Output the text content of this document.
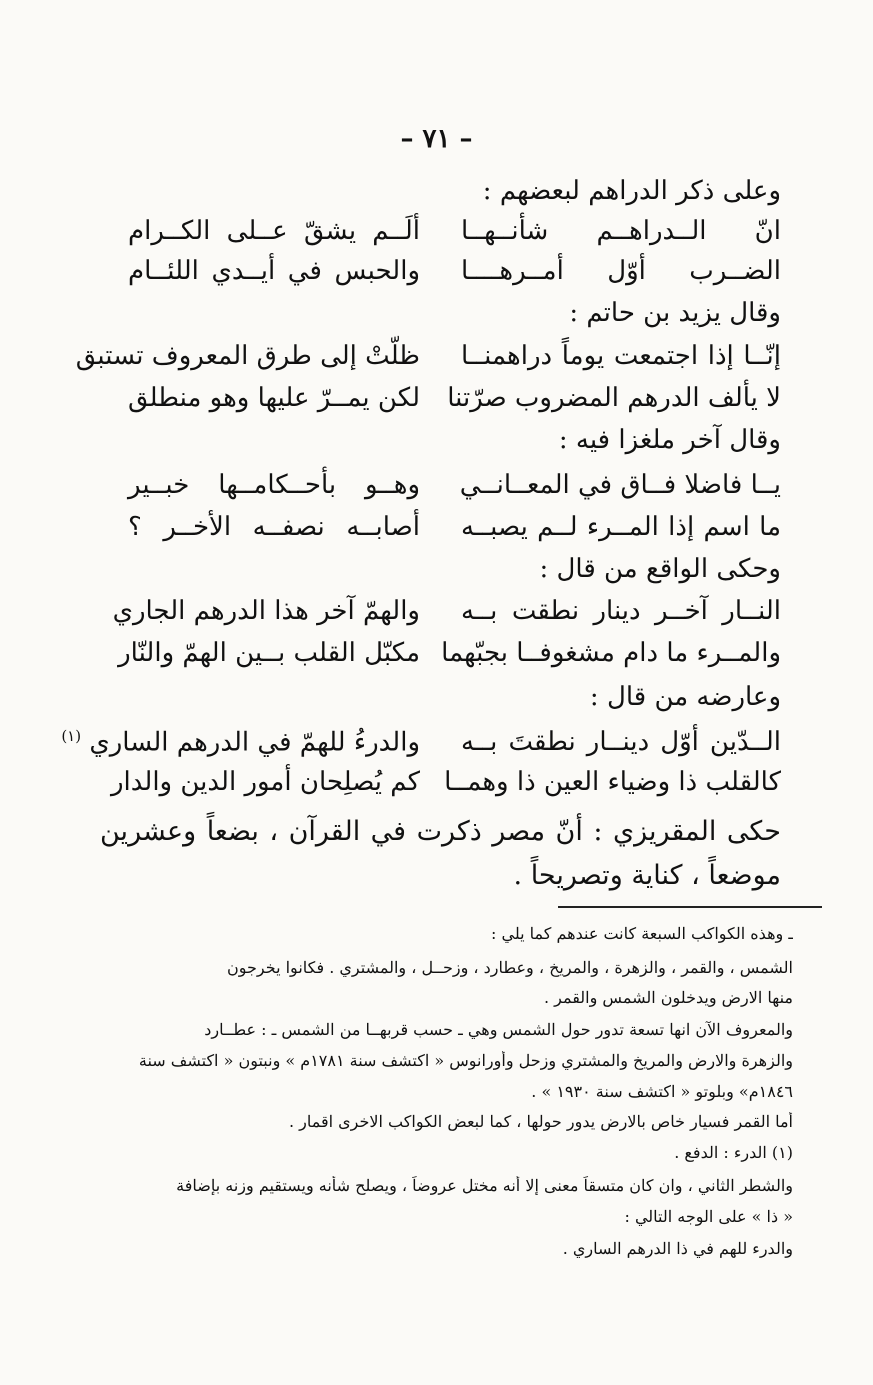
– ٧١ –
وعلى ذكر الدراهم لبعضهم :
انّ الــدراهــم شأنــهــا
ألَــم يشقّ عــلى الكــرام
الضــرب أوّل أمــرهــــا
والحبس في أيــدي اللئــام
وقال يزيد بن حاتم :
إنّــا إذا اجتمعت يوماً دراهمنــا
ظلّتْ إلى طرق المعروف تستبق
لا يألف الدرهم المضروب صرّتنا
لكن يمــرّ عليها وهو منطلق
وقال آخر ملغزا فيه :
يــا فاضلا فــاق في المعــانــي
وهــو بأحــكامــها خبــير
ما اسم إذا المــرء لــم يصبــه
أصابــه نصفــه الأخــر ؟
وحكى الواقع من قال :
النــار آخــر دينار نطقت بــه
والهمّ آخر هذا الدرهم الجاري
والمــرء ما دام مشغوفــا بجبّهما
مكبّل القلب بــين الهمّ والنّار
وعارضه من قال :
الــدّين أوّل دينــار نطقتَ بــه
والدرءُ للهمّ في الدرهم الساري $^{(١)}$
كالقلب ذا وضياء العين ذا وهمــا
كم يُصلِحان أمور الدين والدار
حكى المقريزي : أنّ مصر ذكرت في القرآن ، بضعاً وعشرين موضعاً ، كناية وتصريحاً .
ـ وهذه الكواكب السبعة كانت عندهم كما يلي :
الشمس ، والقمر ، والزهرة ، والمريخ ، وعطارد ، وزحــل ، والمشتري . فكانوا يخرجون
منها الارض ويدخلون الشمس والقمر .
والمعروف الآن انها تسعة تدور حول الشمس وهي ـ حسب قربهــا من الشمس ـ : عطــارد
والزهرة والارض والمريخ والمشتري وزحل وأورانوس « اكتشف سنة ١٧٨١م » ونبتون « اكتشف سنة
١٨٤٦م» وبلوتو « اكتشف سنة ١٩٣٠ » .
أما القمر فسيار خاص بالارض يدور حولها ، كما لبعض الكواكب الاخرى اقمار .
(١) الدرء : الدفع .
والشطر الثاني ، وان كان متسقاً معنى إلا أنه مختل عروضاً ، ويصلح شأنه ويستقيم وزنه بإضافة
« ذا » على الوجه التالي :
والدرء للهم في ذا الدرهم الساري .
